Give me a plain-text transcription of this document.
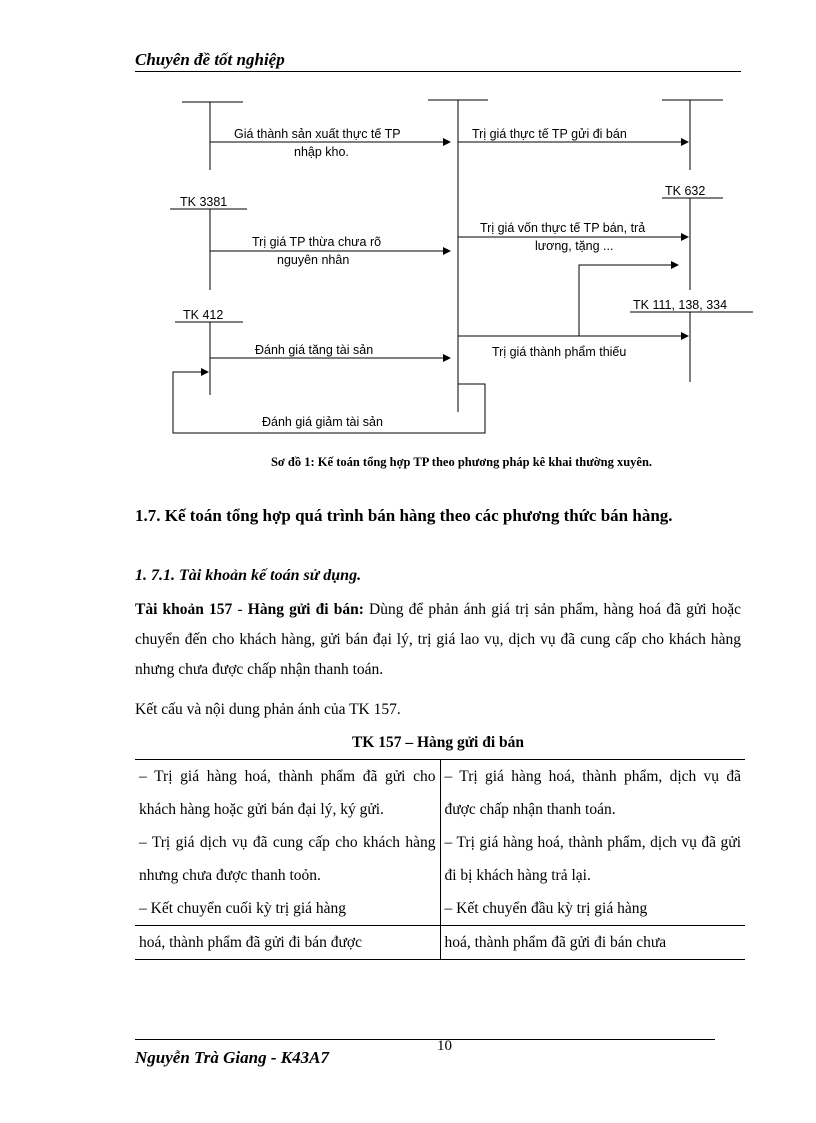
Chuyên đề tốt nghiệp
Giá thành sản xuất thực tế TP
nhập kho.
Trị giá thực tế TP gửi đi bán
TK 3381
TK 632
Trị giá TP thừa chưa rõ
nguyên nhân
Trị giá vốn thực tế TP bán, trả
lương, tặng ...
TK 412
TK 111, 138, 334
Đánh giá tăng tài sản	Trị giá thành phẩm thiếu
Đánh giá giảm tài sản
Sơ đồ 1: Kế toán tổng hợp TP theo phương pháp kê khai thường xuyên.
1.7. Kế toán tổng hợp quá trình bán hàng theo các phương thức bán hàng.
1. 7.1. Tài khoản kế toán sử dụng.
Tài khoản 157 - Hàng gửi đi bán: Dùng để phản ánh giá trị sản phẩm, hàng hoá đã gửi hoặc chuyển đến cho khách hàng, gửi bán đại lý, trị giá lao vụ, dịch vụ đã cung cấp cho khách hàng nhưng chưa được chấp nhận thanh toán.
Kết cấu và nội dung phản ánh của TK 157.
TK 157 – Hàng gửi đi bán
– Trị giá hàng hoá, thành phẩm đã gửi cho khách hàng hoặc gửi bán đại lý, ký gửi.	– Trị giá hàng hoá, thành phẩm, dịch vụ đã được chấp nhận thanh toán.
– Trị giá dịch vụ đã cung cấp cho khách hàng nhưng chưa được thanh toỏn.	– Trị giá hàng hoá, thành phẩm, dịch vụ đã gửi đi bị khách hàng trả lại.
– Kết chuyển cuối kỳ trị giá hàng	– Kết chuyển đầu kỳ trị giá hàng
hoá, thành phẩm đã gửi đi bán được	hoá, thành phẩm đã gửi đi bán chưa
10
Nguyễn Trà Giang - K43A7
